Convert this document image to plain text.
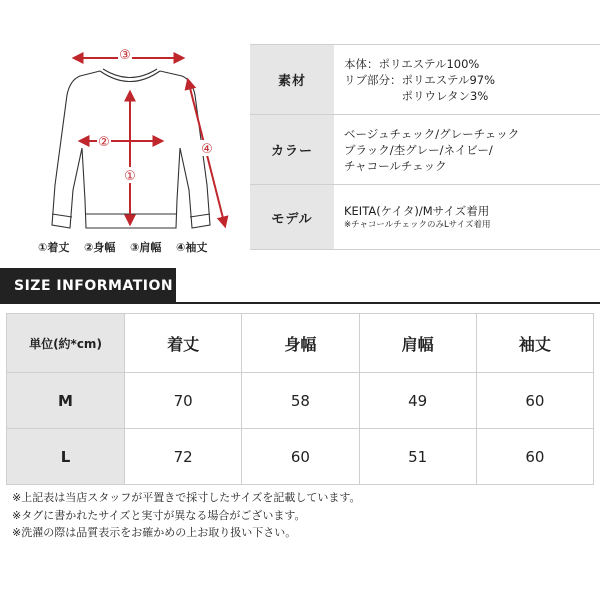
③
②
①
④
①着丈 ②身幅 ③肩幅 ④袖丈
素材
本体：ポリエステル100%
リブ部分：ポリエステル97%
　　　　　ポリウレタン3%
カラー
ベージュチェック/グレーチェック
ブラック/杢グレー/ネイビー/
チャコールチェック
モデル
KEITA(ケイタ)/Mサイズ着用
※チャコールチェックのみLサイズ着用
SIZE INFORMATION
単位(約*cm)	着丈	身幅	肩幅	袖丈
M	70	58	49	60
L	72	60	51	60
※上記表は当店スタッフが平置きで採寸したサイズを記載しています。
※タグに書かれたサイズと実寸が異なる場合がございます。
※洗濯の際は品質表示をお確かめの上お取り扱い下さい。
